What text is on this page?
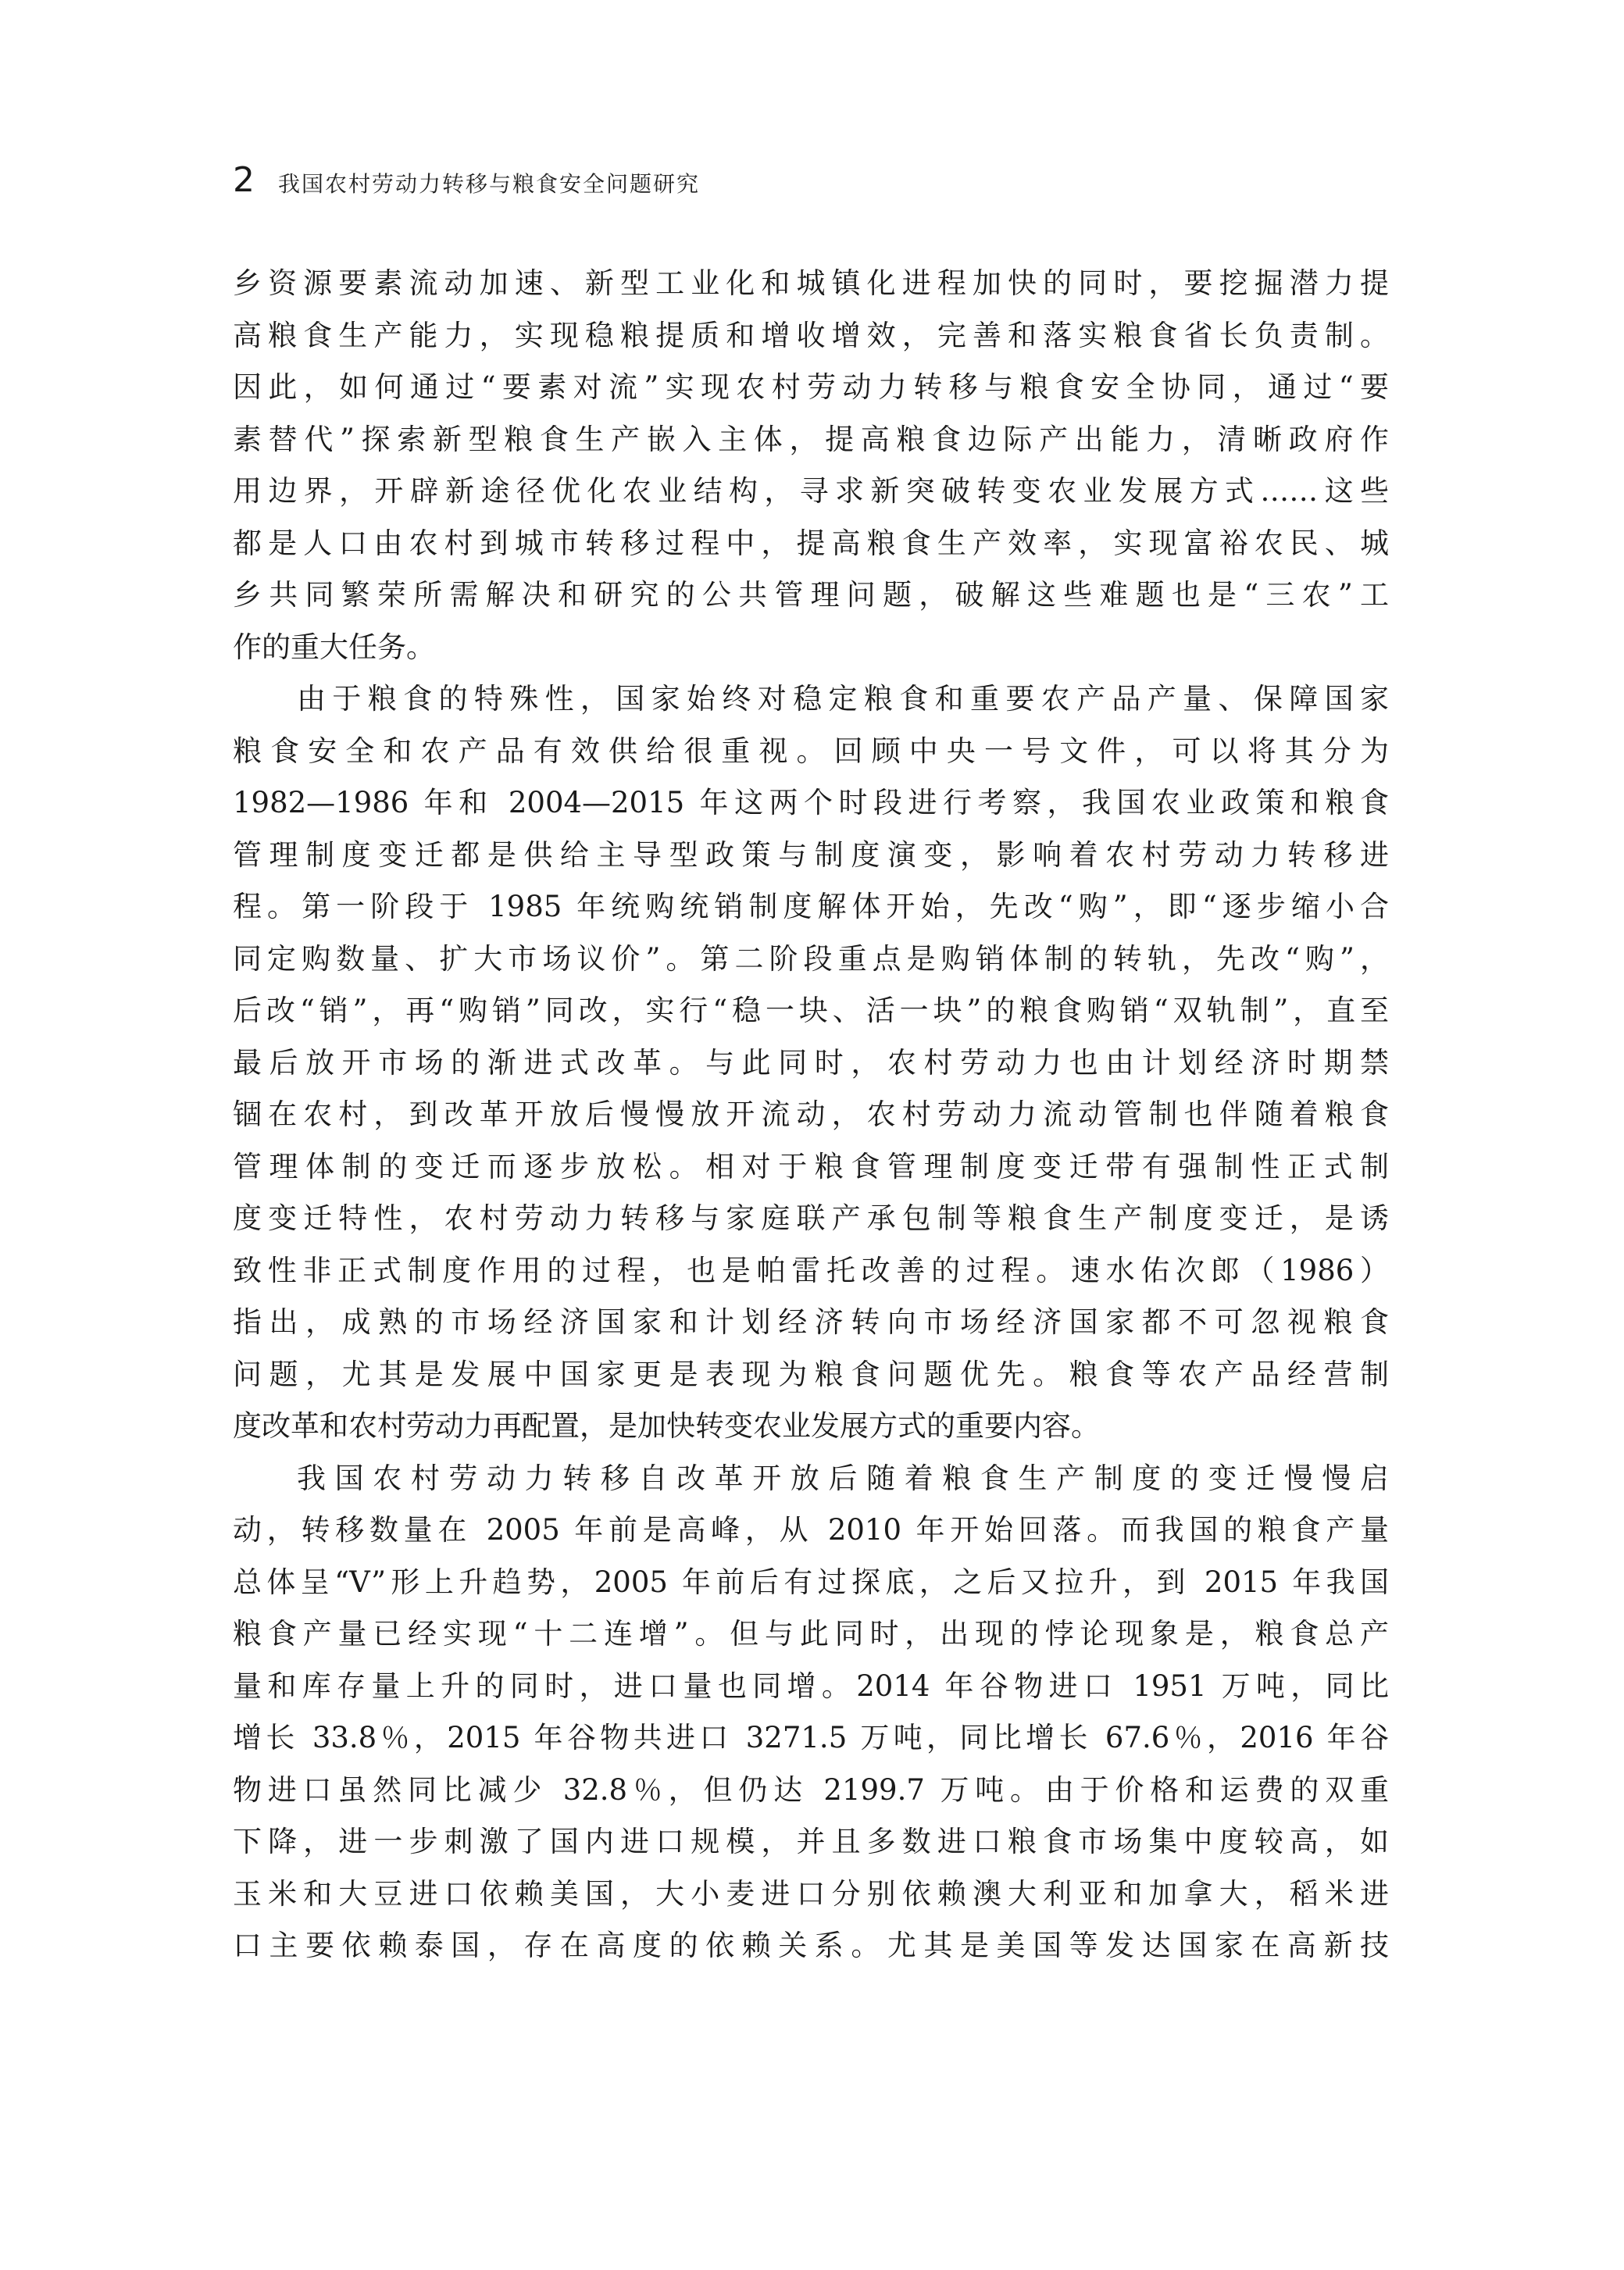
2 我国农村劳动力转移与粮食安全问题研究

乡资源要素流动加速、新型工业化和城镇化进程加快的同时，要挖掘潜力提
高粮食生产能力，实现稳粮提质和增收增效，完善和落实粮食省长负责制。
因此，如何通过“要素对流”实现农村劳动力转移与粮食安全协同，通过“要
素替代”探索新型粮食生产嵌入主体，提高粮食边际产出能力，清晰政府作
用边界，开辟新途径优化农业结构，寻求新突破转变农业发展方式……这些
都是人口由农村到城市转移过程中，提高粮食生产效率，实现富裕农民、城
乡共同繁荣所需解决和研究的公共管理问题，破解这些难题也是“三农”工
作的重大任务。

由于粮食的特殊性，国家始终对稳定粮食和重要农产品产量、保障国家
粮食安全和农产品有效供给很重视。回顾中央一号文件，可以将其分为
1982—1986 年和 2004—2015 年这两个时段进行考察，我国农业政策和粮食
管理制度变迁都是供给主导型政策与制度演变，影响着农村劳动力转移进
程。第一阶段于 1985 年统购统销制度解体开始，先改“购”，即“逐步缩小合
同定购数量、扩大市场议价”。第二阶段重点是购销体制的转轨，先改“购”，
后改“销”，再“购销”同改，实行“稳一块、活一块”的粮食购销“双轨制”，直至
最后放开市场的渐进式改革。与此同时，农村劳动力也由计划经济时期禁
锢在农村，到改革开放后慢慢放开流动，农村劳动力流动管制也伴随着粮食
管理体制的变迁而逐步放松。相对于粮食管理制度变迁带有强制性正式制
度变迁特性，农村劳动力转移与家庭联产承包制等粮食生产制度变迁，是诱
致性非正式制度作用的过程，也是帕雷托改善的过程。速水佑次郎（1986）
指出，成熟的市场经济国家和计划经济转向市场经济国家都不可忽视粮食
问题，尤其是发展中国家更是表现为粮食问题优先。粮食等农产品经营制
度改革和农村劳动力再配置，是加快转变农业发展方式的重要内容。

我国农村劳动力转移自改革开放后随着粮食生产制度的变迁慢慢启
动，转移数量在 2005 年前是高峰，从 2010 年开始回落。而我国的粮食产量
总体呈“V”形上升趋势，2005 年前后有过探底，之后又拉升，到 2015 年我国
粮食产量已经实现“十二连增”。但与此同时，出现的悖论现象是，粮食总产
量和库存量上升的同时，进口量也同增。2014 年谷物进口 1951 万吨，同比
增长 33.8％，2015 年谷物共进口 3271.5 万吨，同比增长 67.6％，2016 年谷
物进口虽然同比减少 32.8％，但仍达 2199.7 万吨。由于价格和运费的双重
下降，进一步刺激了国内进口规模，并且多数进口粮食市场集中度较高，如
玉米和大豆进口依赖美国，大小麦进口分别依赖澳大利亚和加拿大，稻米进
口主要依赖泰国，存在高度的依赖关系。尤其是美国等发达国家在高新技
